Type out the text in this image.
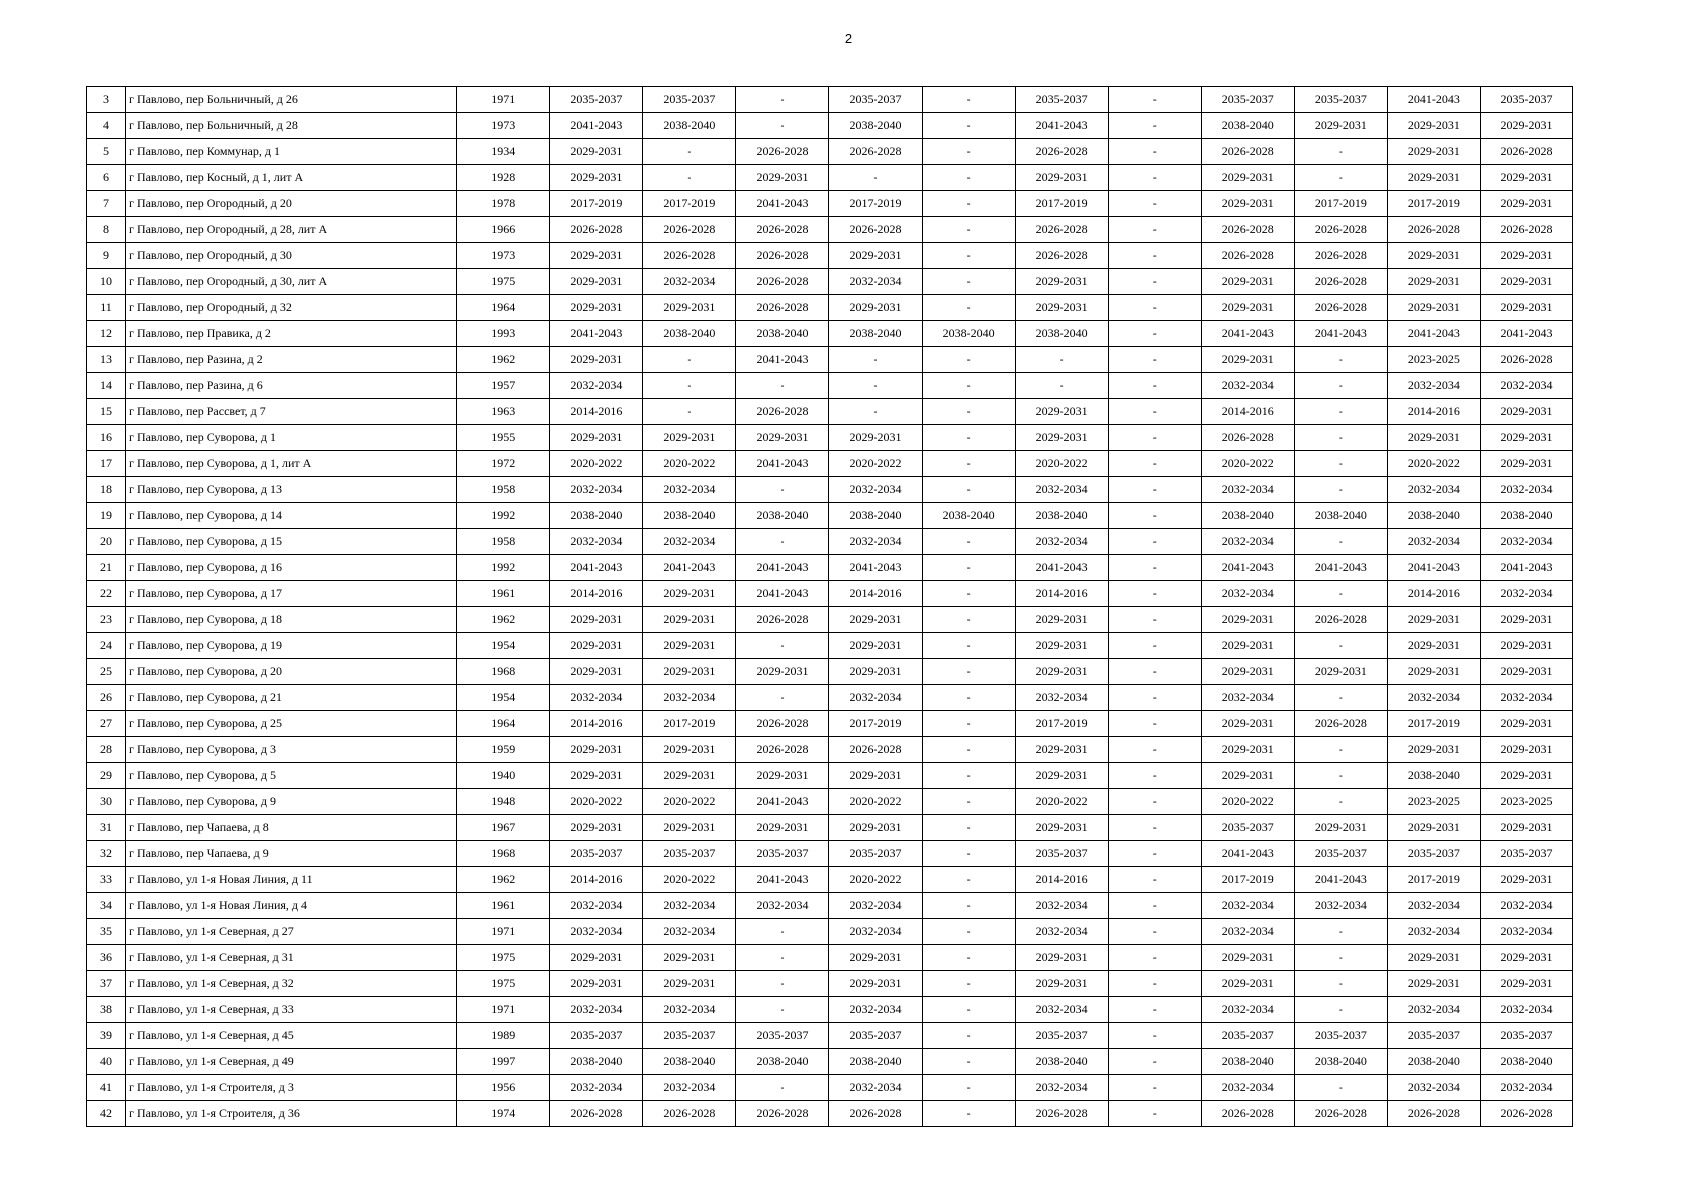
2
3	г Павлово, пер Больничный, д 26	1971	2035-2037	2035-2037	-	2035-2037	-	2035-2037	-	2035-2037	2035-2037	2041-2043	2035-2037
4	г Павлово, пер Больничный, д 28	1973	2041-2043	2038-2040	-	2038-2040	-	2041-2043	-	2038-2040	2029-2031	2029-2031	2029-2031
5	г Павлово, пер Коммунар, д 1	1934	2029-2031	-	2026-2028	2026-2028	-	2026-2028	-	2026-2028	-	2029-2031	2026-2028
6	г Павлово, пер Косный, д 1, лит А	1928	2029-2031	-	2029-2031	-	-	2029-2031	-	2029-2031	-	2029-2031	2029-2031
7	г Павлово, пер Огородный, д 20	1978	2017-2019	2017-2019	2041-2043	2017-2019	-	2017-2019	-	2029-2031	2017-2019	2017-2019	2029-2031
8	г Павлово, пер Огородный, д 28, лит А	1966	2026-2028	2026-2028	2026-2028	2026-2028	-	2026-2028	-	2026-2028	2026-2028	2026-2028	2026-2028
9	г Павлово, пер Огородный, д 30	1973	2029-2031	2026-2028	2026-2028	2029-2031	-	2026-2028	-	2026-2028	2026-2028	2029-2031	2029-2031
10	г Павлово, пер Огородный, д 30, лит А	1975	2029-2031	2032-2034	2026-2028	2032-2034	-	2029-2031	-	2029-2031	2026-2028	2029-2031	2029-2031
11	г Павлово, пер Огородный, д 32	1964	2029-2031	2029-2031	2026-2028	2029-2031	-	2029-2031	-	2029-2031	2026-2028	2029-2031	2029-2031
12	г Павлово, пер Правика, д 2	1993	2041-2043	2038-2040	2038-2040	2038-2040	2038-2040	2038-2040	-	2041-2043	2041-2043	2041-2043	2041-2043
13	г Павлово, пер Разина, д 2	1962	2029-2031	-	2041-2043	-	-	-	-	2029-2031	-	2023-2025	2026-2028
14	г Павлово, пер Разина, д 6	1957	2032-2034	-	-	-	-	-	-	2032-2034	-	2032-2034	2032-2034
15	г Павлово, пер Рассвет, д 7	1963	2014-2016	-	2026-2028	-	-	2029-2031	-	2014-2016	-	2014-2016	2029-2031
16	г Павлово, пер Суворова, д 1	1955	2029-2031	2029-2031	2029-2031	2029-2031	-	2029-2031	-	2026-2028	-	2029-2031	2029-2031
17	г Павлово, пер Суворова, д 1, лит А	1972	2020-2022	2020-2022	2041-2043	2020-2022	-	2020-2022	-	2020-2022	-	2020-2022	2029-2031
18	г Павлово, пер Суворова, д 13	1958	2032-2034	2032-2034	-	2032-2034	-	2032-2034	-	2032-2034	-	2032-2034	2032-2034
19	г Павлово, пер Суворова, д 14	1992	2038-2040	2038-2040	2038-2040	2038-2040	2038-2040	2038-2040	-	2038-2040	2038-2040	2038-2040	2038-2040
20	г Павлово, пер Суворова, д 15	1958	2032-2034	2032-2034	-	2032-2034	-	2032-2034	-	2032-2034	-	2032-2034	2032-2034
21	г Павлово, пер Суворова, д 16	1992	2041-2043	2041-2043	2041-2043	2041-2043	-	2041-2043	-	2041-2043	2041-2043	2041-2043	2041-2043
22	г Павлово, пер Суворова, д 17	1961	2014-2016	2029-2031	2041-2043	2014-2016	-	2014-2016	-	2032-2034	-	2014-2016	2032-2034
23	г Павлово, пер Суворова, д 18	1962	2029-2031	2029-2031	2026-2028	2029-2031	-	2029-2031	-	2029-2031	2026-2028	2029-2031	2029-2031
24	г Павлово, пер Суворова, д 19	1954	2029-2031	2029-2031	-	2029-2031	-	2029-2031	-	2029-2031	-	2029-2031	2029-2031
25	г Павлово, пер Суворова, д 20	1968	2029-2031	2029-2031	2029-2031	2029-2031	-	2029-2031	-	2029-2031	2029-2031	2029-2031	2029-2031
26	г Павлово, пер Суворова, д 21	1954	2032-2034	2032-2034	-	2032-2034	-	2032-2034	-	2032-2034	-	2032-2034	2032-2034
27	г Павлово, пер Суворова, д 25	1964	2014-2016	2017-2019	2026-2028	2017-2019	-	2017-2019	-	2029-2031	2026-2028	2017-2019	2029-2031
28	г Павлово, пер Суворова, д 3	1959	2029-2031	2029-2031	2026-2028	2026-2028	-	2029-2031	-	2029-2031	-	2029-2031	2029-2031
29	г Павлово, пер Суворова, д 5	1940	2029-2031	2029-2031	2029-2031	2029-2031	-	2029-2031	-	2029-2031	-	2038-2040	2029-2031
30	г Павлово, пер Суворова, д 9	1948	2020-2022	2020-2022	2041-2043	2020-2022	-	2020-2022	-	2020-2022	-	2023-2025	2023-2025
31	г Павлово, пер Чапаева, д 8	1967	2029-2031	2029-2031	2029-2031	2029-2031	-	2029-2031	-	2035-2037	2029-2031	2029-2031	2029-2031
32	г Павлово, пер Чапаева, д 9	1968	2035-2037	2035-2037	2035-2037	2035-2037	-	2035-2037	-	2041-2043	2035-2037	2035-2037	2035-2037
33	г Павлово, ул 1-я Новая Линия, д 11	1962	2014-2016	2020-2022	2041-2043	2020-2022	-	2014-2016	-	2017-2019	2041-2043	2017-2019	2029-2031
34	г Павлово, ул 1-я Новая Линия, д 4	1961	2032-2034	2032-2034	2032-2034	2032-2034	-	2032-2034	-	2032-2034	2032-2034	2032-2034	2032-2034
35	г Павлово, ул 1-я Северная, д 27	1971	2032-2034	2032-2034	-	2032-2034	-	2032-2034	-	2032-2034	-	2032-2034	2032-2034
36	г Павлово, ул 1-я Северная, д 31	1975	2029-2031	2029-2031	-	2029-2031	-	2029-2031	-	2029-2031	-	2029-2031	2029-2031
37	г Павлово, ул 1-я Северная, д 32	1975	2029-2031	2029-2031	-	2029-2031	-	2029-2031	-	2029-2031	-	2029-2031	2029-2031
38	г Павлово, ул 1-я Северная, д 33	1971	2032-2034	2032-2034	-	2032-2034	-	2032-2034	-	2032-2034	-	2032-2034	2032-2034
39	г Павлово, ул 1-я Северная, д 45	1989	2035-2037	2035-2037	2035-2037	2035-2037	-	2035-2037	-	2035-2037	2035-2037	2035-2037	2035-2037
40	г Павлово, ул 1-я Северная, д 49	1997	2038-2040	2038-2040	2038-2040	2038-2040	-	2038-2040	-	2038-2040	2038-2040	2038-2040	2038-2040
41	г Павлово, ул 1-я Строителя, д 3	1956	2032-2034	2032-2034	-	2032-2034	-	2032-2034	-	2032-2034	-	2032-2034	2032-2034
42	г Павлово, ул 1-я Строителя, д 36	1974	2026-2028	2026-2028	2026-2028	2026-2028	-	2026-2028	-	2026-2028	2026-2028	2026-2028	2026-2028
